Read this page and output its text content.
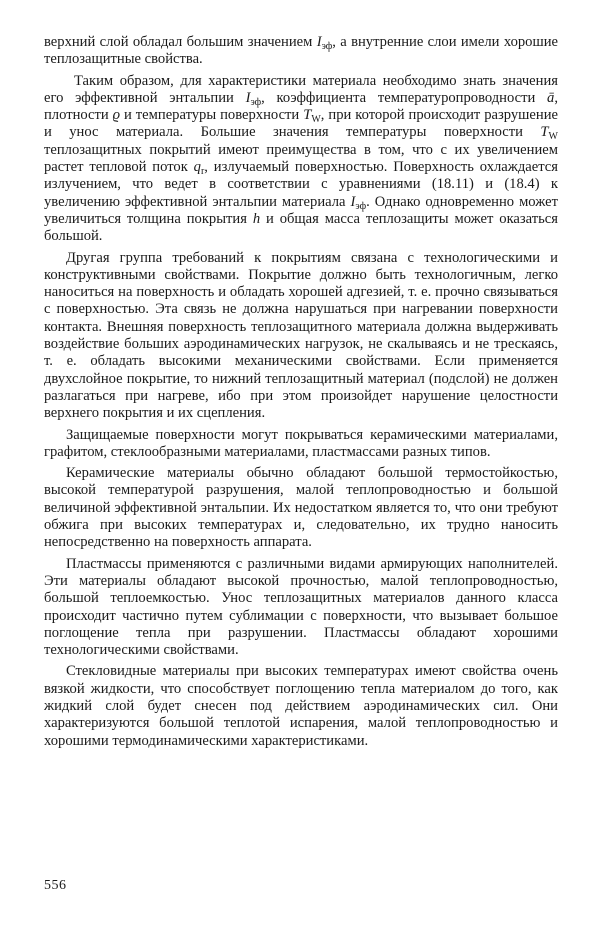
верхний слой обладал большим значением $I_{эф}$, а внутренние слои имели хорошие теплозащитные свойства.

Таким образом, для характеристики материала необходимо знать значения его эффективной энтальпии $I_{эф}$, коэффициента температуропроводности ā, плотности ϱ и температуры поверхности $T_W$, при которой происходит разрушение и унос материала. Большие значения температуры поверхности $T_W$ теплозащитных покрытий имеют преимущества в том, что с их увеличением растет тепловой поток $q_r$, излучаемый поверхностью. Поверхность охлаждается излучением, что ведет в соответствии с уравнениями (18.11) и (18.4) к увеличению эффективной энтальпии материала $I_{эф}$. Однако одновременно может увеличиться толщина покрытия h и общая масса теплозащиты может оказаться большой.

Другая группа требований к покрытиям связана с технологическими и конструктивными свойствами. Покрытие должно быть технологичным, легко наноситься на поверхность и обладать хорошей адгезией, т. е. прочно связываться с поверхностью. Эта связь не должна нарушаться при нагревании поверхности контакта. Внешняя поверхность теплозащитного материала должна выдерживать воздействие больших аэродинамических нагрузок, не скалываясь и не трескаясь, т. е. обладать высокими механическими свойствами. Если применяется двухслойное покрытие, то нижний теплозащитный материал (подслой) не должен разлагаться при нагреве, ибо при этом произойдет нарушение целостности верхнего покрытия и их сцепления.

Защищаемые поверхности могут покрываться керамическими материалами, графитом, стеклообразными материалами, пластмассами разных типов.

Керамические материалы обычно обладают большой термостойкостью, высокой температурой разрушения, малой теплопроводностью и большой величиной эффективной энтальпии. Их недостатком является то, что они требуют обжига при высоких температурах и, следовательно, их трудно наносить непосредственно на поверхность аппарата.

Пластмассы применяются с различными видами армирующих наполнителей. Эти материалы обладают высокой прочностью, малой теплопроводностью, большой теплоемкостью. Унос теплозащитных материалов данного класса происходит частично путем сублимации с поверхности, что вызывает большое поглощение тепла при разрушении. Пластмассы обладают хорошими технологическими свойствами.

Стекловидные материалы при высоких температурах имеют свойства очень вязкой жидкости, что способствует поглощению тепла материалом до того, как жидкий слой будет снесен под действием аэродинамических сил. Они характеризуются большой теплотой испарения, малой теплопроводностью и хорошими термодинамическими характеристиками.

556
